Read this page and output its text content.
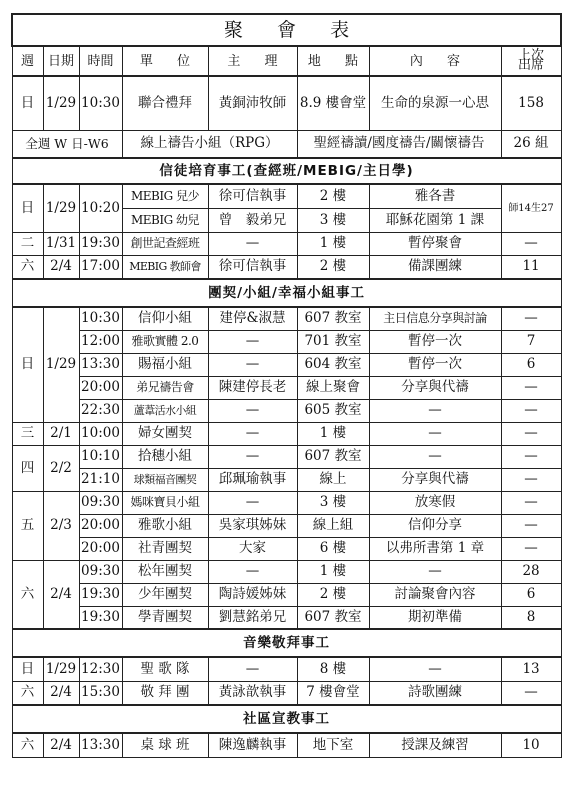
聚 會 表							
週	日期	時間	單 位	主 理	地 點	內 容	上次出席
日	1/29	10:30	聯合禮拜	黃銅沛牧師	8.9 樓會堂	生命的泉源一心思	158
全週 W 日-W6			線上禱告小組（RPG）		聖經禱讀/國度禱告/關懷禱告		26 組
信徒培育事工(查經班/MEBIG/主日學)							
日	1/29	10:20	MEBIG 兒少	徐可信執事	2 樓	雅各書	師14生27
			MEBIG 幼兒	曾　毅弟兄	3 樓	耶穌花園第 1 課	
二	1/31	19:30	創世記查經班	—	1 樓	暫停聚會	—
六	2/4	17:00	MEBIG 教師會	徐可信執事	2 樓	備課團練	11
團契/小組/幸福小組事工							
日	1/29	10:30	信仰小組	建停&淑慧	607 教室	主日信息分享與討論	—
		12:00	雅歌實體 2.0	—	701 教室	暫停一次	7
		13:30	賜福小組	—	604 教室	暫停一次	6
		20:00	弟兄禱告會	陳建停長老	線上聚會	分享與代禱	—
		22:30	蘆葦活水小組	—	605 教室	—	—
三	2/1	10:00	婦女團契	—	1 樓	—	—
四	2/2	10:10	拾穗小組	—	607 教室	—	—
		21:10	球類福音團契	邱珮瑜執事	線上	分享與代禱	—
五	2/3	09:30	媽咪寶貝小組	—	3 樓	放寒假	—
		20:00	雅歌小組	吳家琪姊妹	線上組	信仰分享	—
		20:00	社青團契	大家	6 樓	以弗所書第 1 章	—
六	2/4	09:30	松年團契	—	1 樓	—	28
		19:30	少年團契	陶詩媛姊妹	2 樓	討論聚會內容	6
		19:30	學青團契	劉慧銘弟兄	607 教室	期初準備	8
音樂敬拜事工							
日	1/29	12:30	聖 歌 隊	—	8 樓	—	13
六	2/4	15:30	敬 拜 團	黃詠歆執事	7 樓會堂	詩歌團練	—
社區宣教事工							
六	2/4	13:30	桌 球 班	陳逸麟執事	地下室	授課及練習	10
